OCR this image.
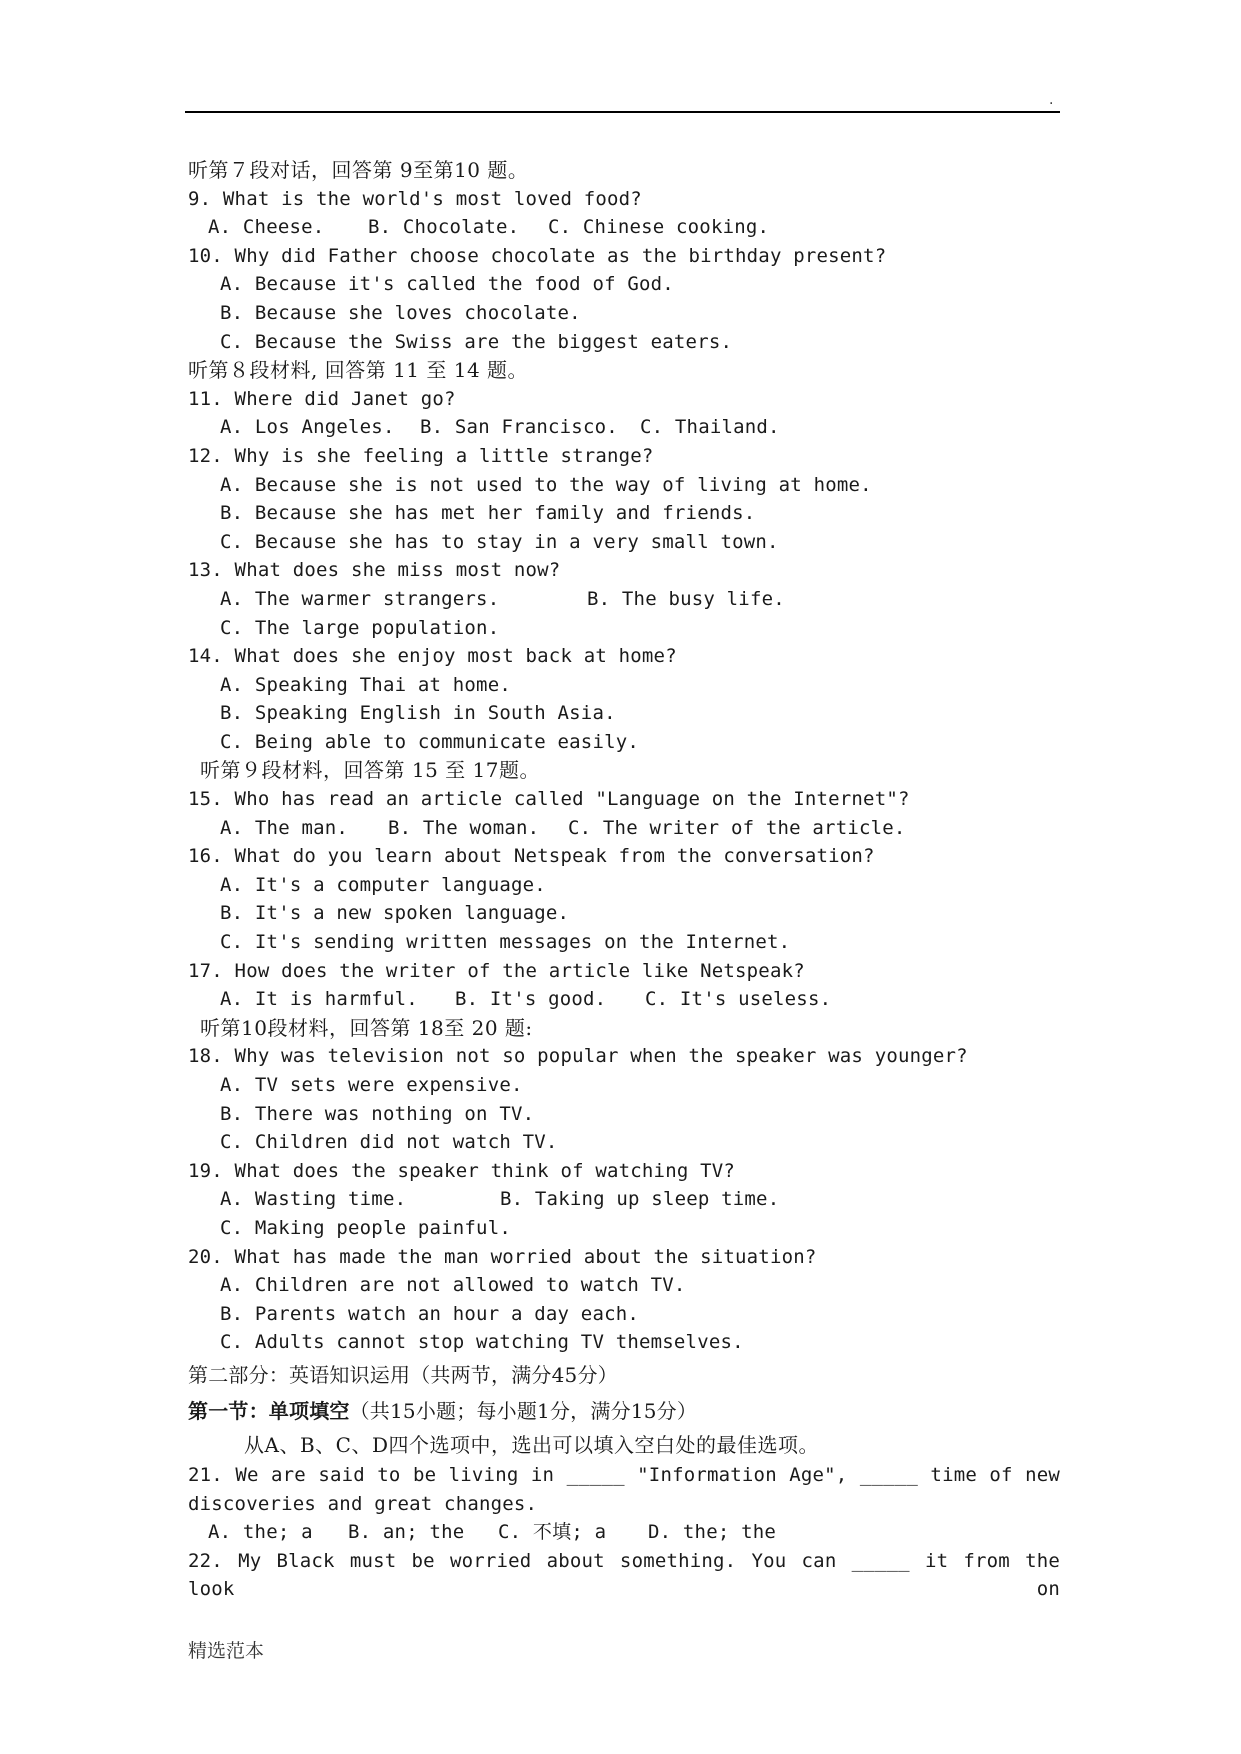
.
听第７段对话，回答第 9至第10 题。
9. What is the world's most loved food?
A. Cheese. B. Chocolate. C. Chinese cooking.
10. Why did Father choose chocolate as the birthday present?
A. Because it's called the food of God.
B. Because she loves chocolate.
C. Because the Swiss are the biggest eaters.
听第８段材料, 回答第 11 至 14 题。
11. Where did Janet go?
A. Los Angeles. B. San Francisco. C. Thailand.
12. Why is she feeling a little strange?
A. Because she is not used to the way of living at home.
B. Because she has met her family and friends.
C. Because she has to stay in a very small town.
13. What does she miss most now?
A. The warmer strangers.	B. The busy life.
C. The large population.
14. What does she enjoy most back at home?
A. Speaking Thai at home.
B. Speaking English in South Asia.
C. Being able to communicate easily.
听第９段材料，回答第 15 至 17题。
15. Who has read an article called "Language on the Internet"?
A. The man. B. The woman. C. The writer of the article.
16. What do you learn about Netspeak from the conversation?
A. It's a computer language.
B. It's a new spoken language.
C. It's sending written messages on the Internet.
17. How does the writer of the article like Netspeak?
A. It is harmful. B. It's good. C. It's useless.
听第10段材料，回答第 18至 20 题:
18. Why was television not so popular when the speaker was younger?
A. TV sets were expensive.
B. There was nothing on TV.
C. Children did not watch TV.
19. What does the speaker think of watching TV?
A. Wasting time.	B. Taking up sleep time.
C. Making people painful.
20. What has made the man worried about the situation?
A. Children are not allowed to watch TV.
B. Parents watch an hour a day each.
C. Adults cannot stop watching TV themselves.
第二部分：英语知识运用（共两节，满分45分）
第一节：单项填空（共15小题；每小题1分，满分15分）
从A、B、C、D四个选项中，选出可以填入空白处的最佳选项。
21. We are said to be living in _____ "Information Age", _____ time of new
discoveries and great changes.
A. the; a B. an; the C. 不填; a D. the; the
22. My Black must be worried about something. You can _____ it from the look on
精选范本
